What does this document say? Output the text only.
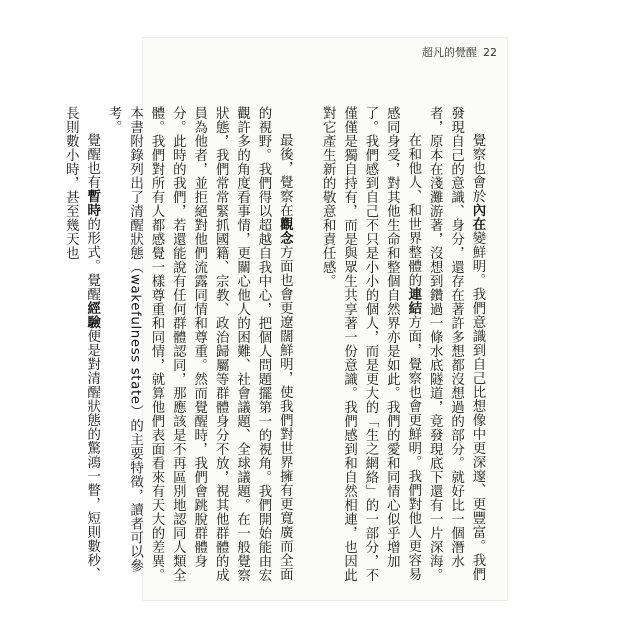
超凡的覺醒 22

覺察也會於內在變鮮明。我們意識到自己比想像中更深邃、更豐富。我們發現自己的意識、身分，還存在著許多想都沒想過的部分。就好比一個潛水者，原本在淺灘游著，沒想到鑽過一條水底隧道，竟發現底下還有一片深海。

在和他人、和世界整體的連結方面，覺察也會更鮮明。我們對他人更容易感同身受，對其他生命和整個自然界亦是如此。我們的愛和同情心似乎增加了。我們感到自己不只是小小的個人，而是更大的「生之網絡」的一部分，不僅僅是獨自持有，而是與眾生共享著一份意識。我們感到和自然相連，也因此對它產生新的敬意和責任感。

最後，覺察在觀念方面也會更遼闊鮮明，使我們對世界擁有更寬廣而全面的視野。我們得以超越自我中心，把個人問題擺第一的視角。我們開始能由宏觀許多的角度看事情，更關心他人的困難、社會議題、全球議題。在一般覺察狀態，我們常常緊抓國籍、宗教、政治歸屬等群體身分不放，視其他群體的成員為他者，並拒絕對他們流露同情和尊重。然而覺醒時，我們會跳脫群體身分。此時的我們，若還能說有任何群體認同，那應該是不再區別地認同人類全體。我們對所有人都感覺一樣尊重和同情，就算他們表面看來有天大的差異。本書附錄列出了清醒狀態（wakefulness state）的主要特徵，讀者可以參考。

覺醒也有暫時的形式。覺醒經驗便是對清醒狀態的驚鴻一瞥，短則數秒、長則數小時，甚至幾天也
